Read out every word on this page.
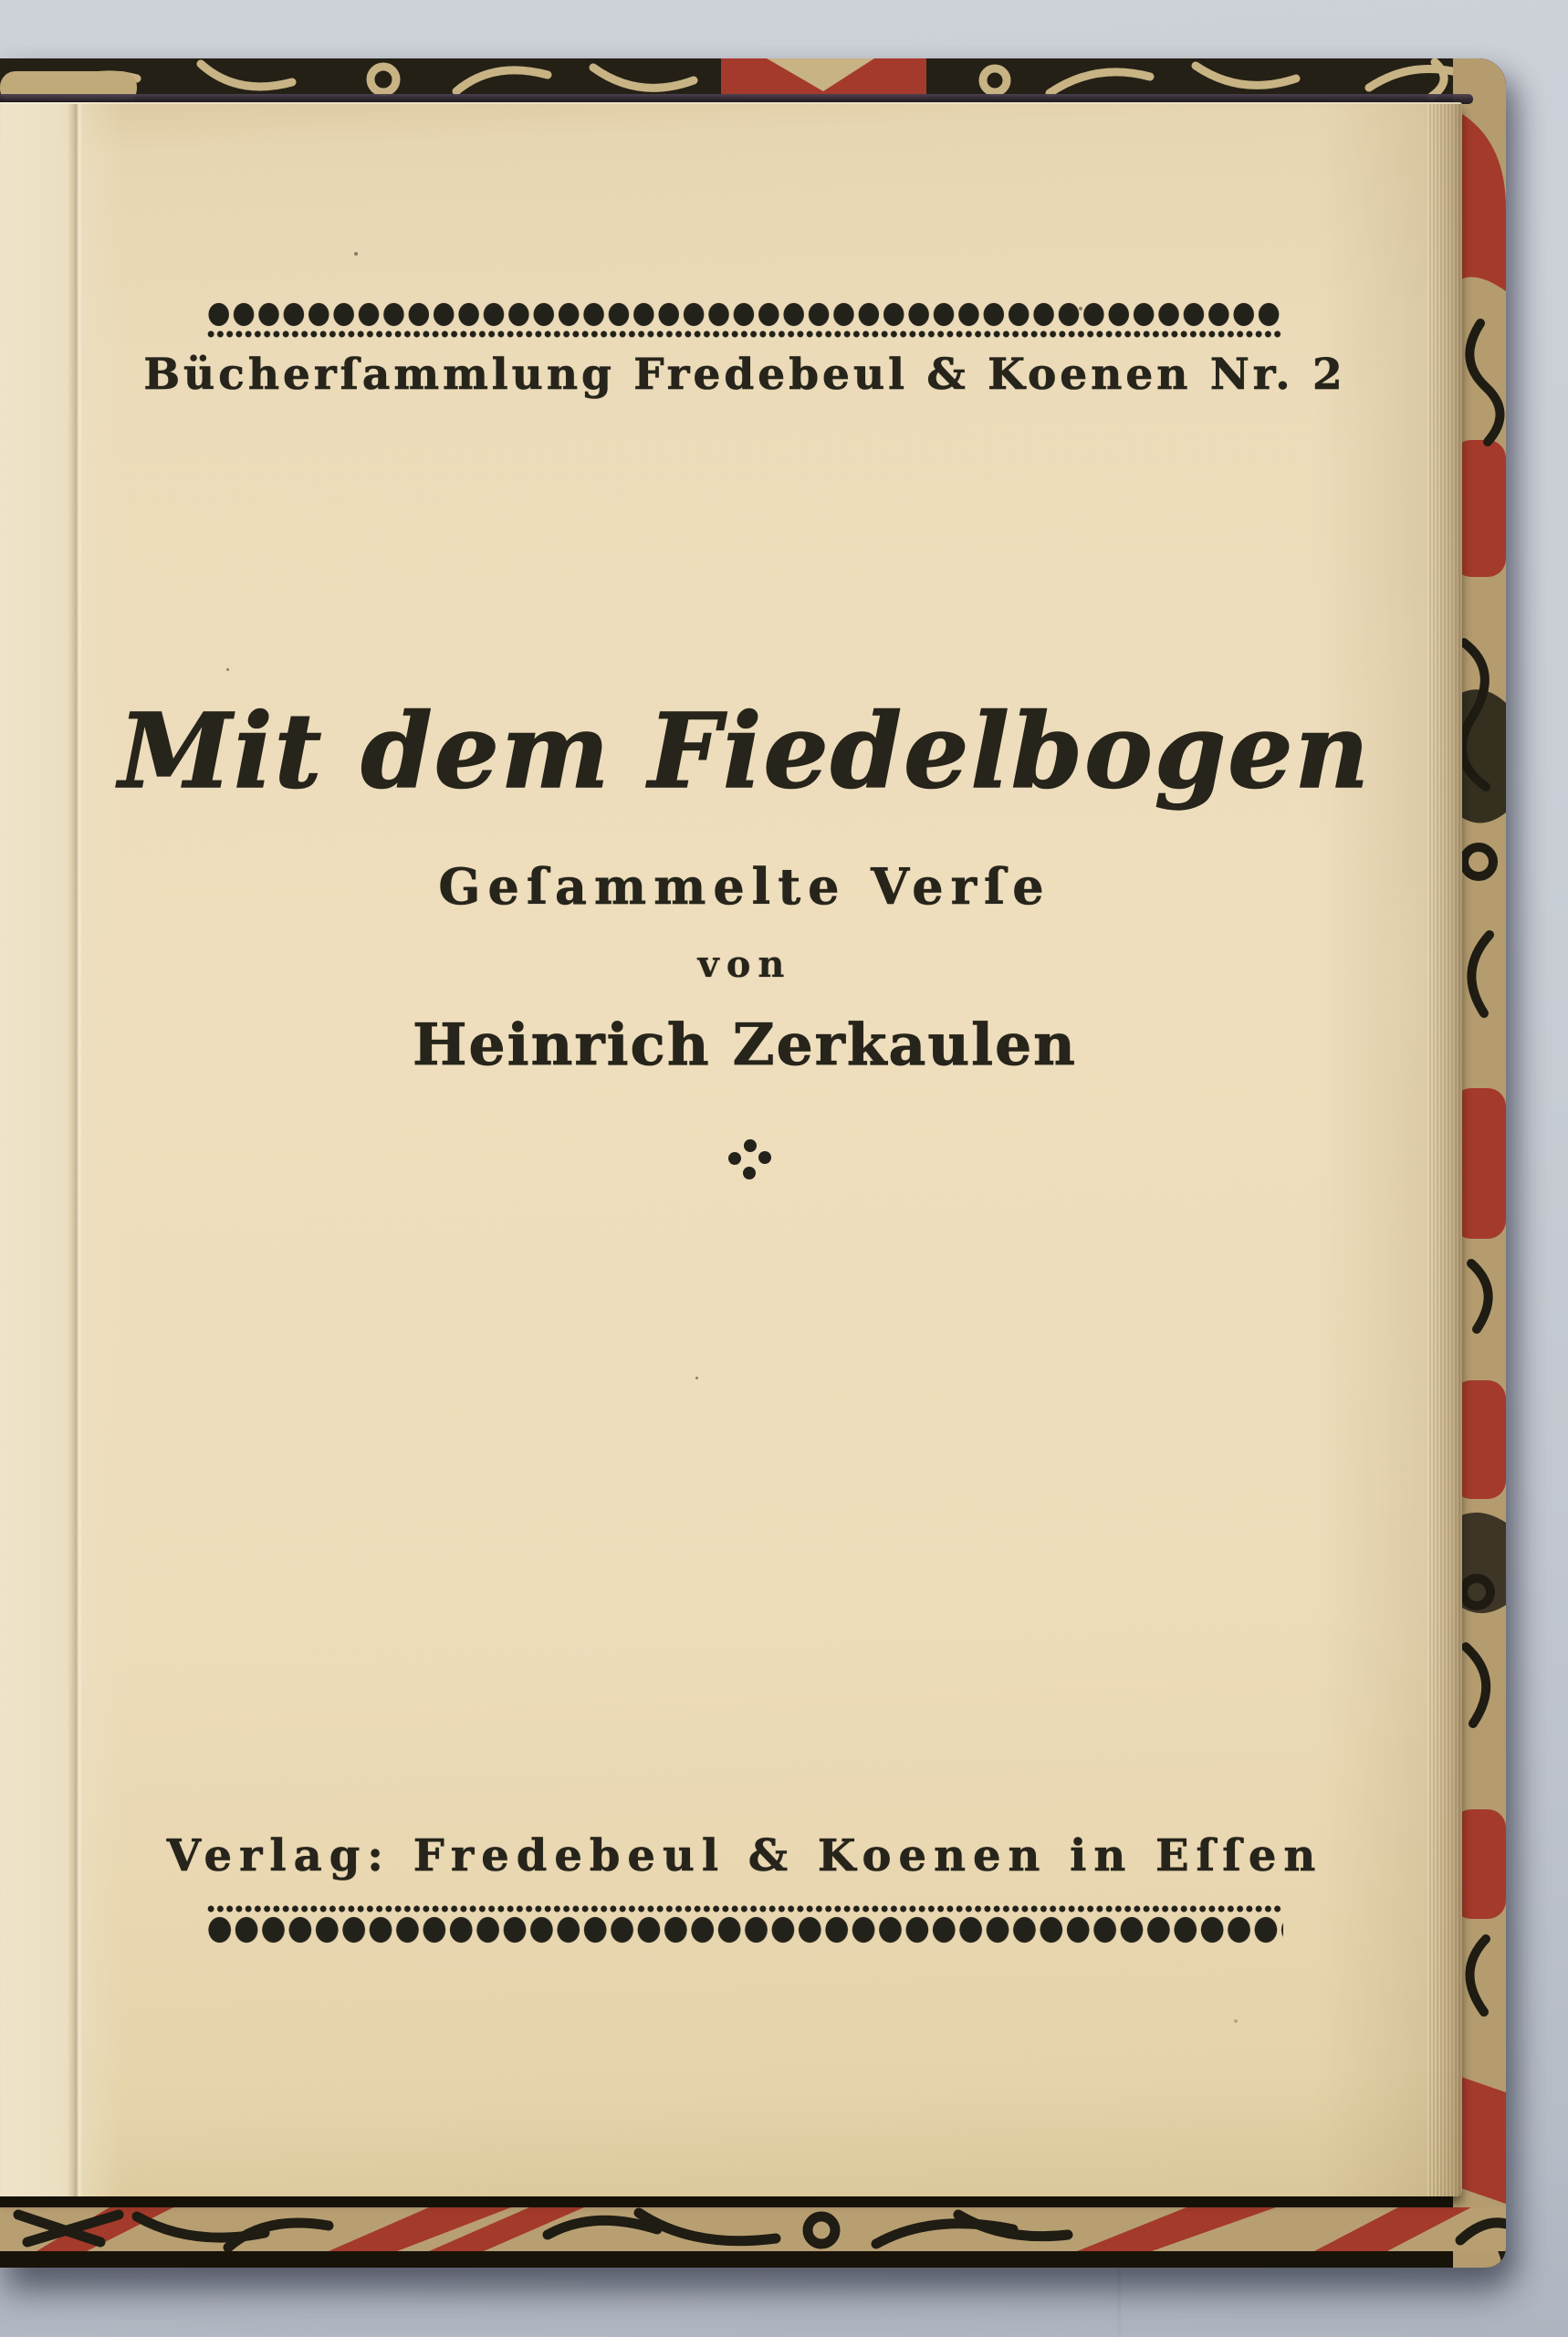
Bücherſammlung Fredebeul & Koenen Nr. 2
Mit dem Fiedelbogen
Geſammelte Verſe
von
Heinrich Zerkaulen
Verlag: Fredebeul & Koenen in Eſſen
